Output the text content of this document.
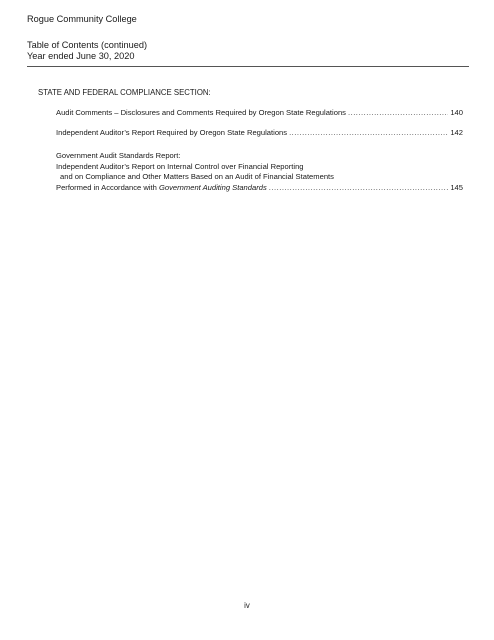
Rogue Community College
Table of Contents (continued)
Year ended June 30, 2020
STATE AND FEDERAL COMPLIANCE SECTION:
Audit Comments – Disclosures and Comments Required by Oregon State Regulations .....	140
Independent Auditor’s Report Required by Oregon State Regulations .....	142
Government Audit Standards Report:
Independent Auditor’s Report on Internal Control over Financial Reporting
and on Compliance and Other Matters Based on an Audit of Financial Statements
Performed in Accordance with Government Auditing Standards .....	145
iv
